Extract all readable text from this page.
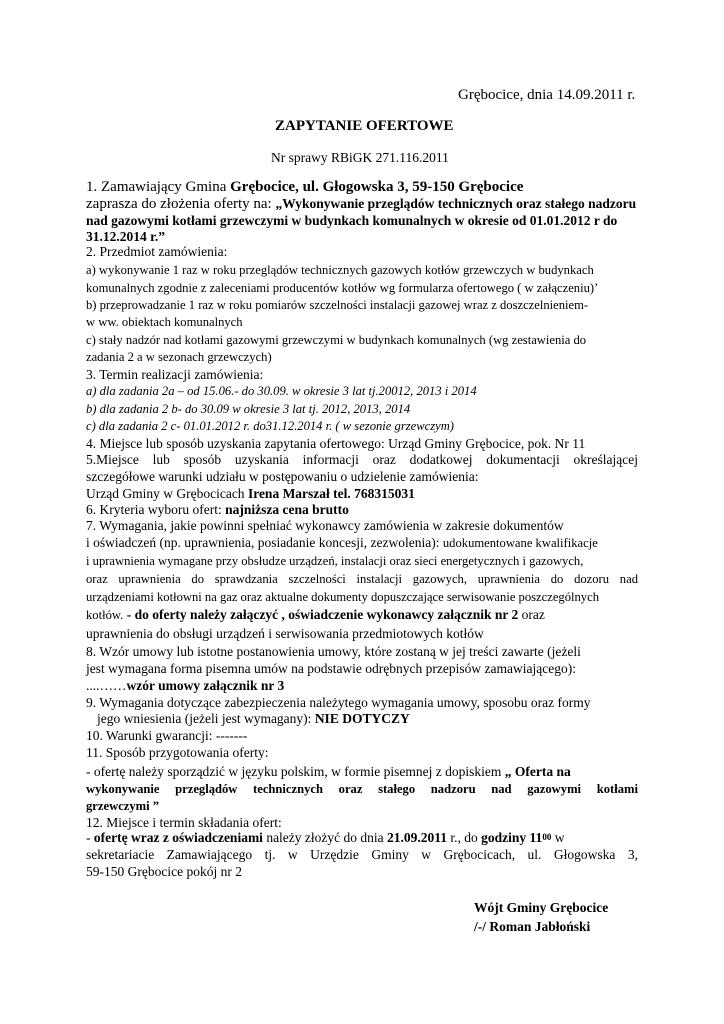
Grębocice, dnia 14.09.2011 r.
ZAPYTANIE OFERTOWE
Nr sprawy RBiGK 271.116.2011
1. Zamawiający Gmina Grębocice, ul. Głogowska 3, 59-150 Grębocice
zaprasza do złożenia oferty na: „Wykonywanie przeglądów technicznych oraz stałego nadzoru
nad gazowymi kotłami grzewczymi w budynkach komunalnych w okresie od 01.01.2012 r do
31.12.2014 r.”
2. Przedmiot zamówienia:
a) wykonywanie 1 raz w roku przeglądów technicznych gazowych kotłów grzewczych w budynkach
komunalnych zgodnie z zaleceniami producentów kotłów wg formularza ofertowego ( w załączeniu)’
b) przeprowadzanie 1 raz w roku pomiarów szczelności instalacji gazowej wraz z doszczelnieniem-
w ww. obiektach komunalnych
c) stały nadzór nad kotłami gazowymi grzewczymi w budynkach komunalnych (wg zestawienia do
zadania 2 a w sezonach grzewczych)
3. Termin realizacji zamówienia:
a) dla zadania 2a – od 15.06.- do 30.09. w okresie 3 lat tj.20012, 2013 i 2014
b) dla zadania 2 b- do 30.09 w okresie 3 lat tj. 2012, 2013, 2014
c) dla zadania 2 c- 01.01.2012 r. do31.12.2014 r. ( w sezonie grzewczym)
4. Miejsce lub sposób uzyskania zapytania ofertowego: Urząd Gminy Grębocice, pok. Nr 11
5.Miejsce lub sposób uzyskania informacji oraz dodatkowej dokumentacji określającej
szczegółowe warunki udziału w postępowaniu o udzielenie zamówienia:
Urząd Gminy w Grębocicach Irena Marszał tel. 768315031
6. Kryteria wyboru ofert: najniższa cena brutto
7. Wymagania, jakie powinni spełniać wykonawcy zamówienia w zakresie dokumentów
i oświadczeń (np. uprawnienia, posiadanie koncesji, zezwolenia): udokumentowane kwalifikacje
i uprawnienia wymagane przy obsłudze urządzeń, instalacji oraz sieci energetycznych i gazowych,
oraz uprawnienia do sprawdzania szczelności instalacji gazowych, uprawnienia do dozoru nad
urządzeniami kotłowni na gaz oraz aktualne dokumenty dopuszczające serwisowanie poszczególnych
kotłów. - do oferty należy załączyć , oświadczenie wykonawcy załącznik nr 2 oraz
uprawnienia do obsługi urządzeń i serwisowania przedmiotowych kotłów
8. Wzór umowy lub istotne postanowienia umowy, które zostaną w jej treści zawarte (jeżeli
jest wymagana forma pisemna umów na podstawie odrębnych przepisów zamawiającego):
....……wzór umowy załącznik nr 3
9. Wymagania dotyczące zabezpieczenia należytego wymagania umowy, sposobu oraz formy
jego wniesienia (jeżeli jest wymagany): NIE DOTYCZY
10. Warunki gwarancji: -------
11. Sposób przygotowania oferty:
- ofertę należy sporządzić w języku polskim, w formie pisemnej z dopiskiem „ Oferta na
wykonywanie przeglądów technicznych oraz stałego nadzoru nad gazowymi kotłami
grzewczymi ”
12. Miejsce i termin składania ofert:
- ofertę wraz z oświadczeniami należy złożyć do dnia 21.09.2011 r., do godziny $11^{00}$ w
sekretariacie Zamawiającego tj. w Urzędzie Gminy w Grębocicach, ul. Głogowska 3,
59-150 Grębocice pokój nr 2
Wójt Gminy Grębocice
/-/ Roman Jabłoński
